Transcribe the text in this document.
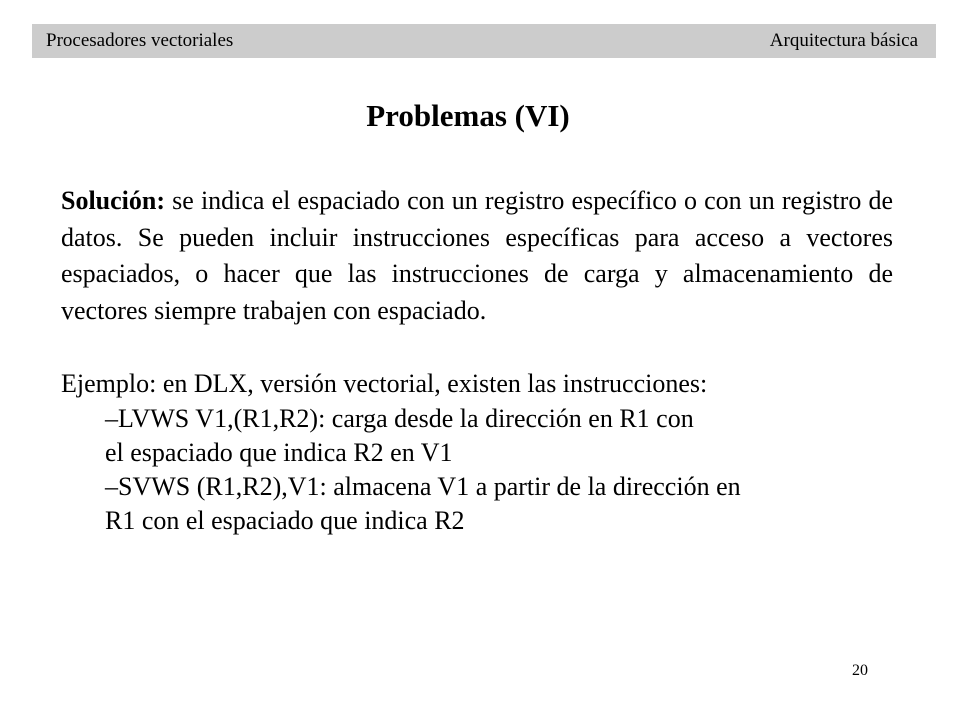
Procesadores vectoriales	Arquitectura básica
Problemas (VI)

Solución: se indica el espaciado con un registro específico o con un registro de datos. Se pueden incluir instrucciones específicas para acceso a vectores espaciados, o hacer que las instrucciones de carga y almacenamiento de vectores siempre trabajen con espaciado.

Ejemplo: en DLX, versión vectorial, existen las instrucciones:

–LVWS V1,(R1,R2): carga desde la dirección en R1 con
el espaciado que indica R2 en V1
–SVWS (R1,R2),V1: almacena V1 a partir de la dirección en
R1 con el espaciado que indica R2
20
